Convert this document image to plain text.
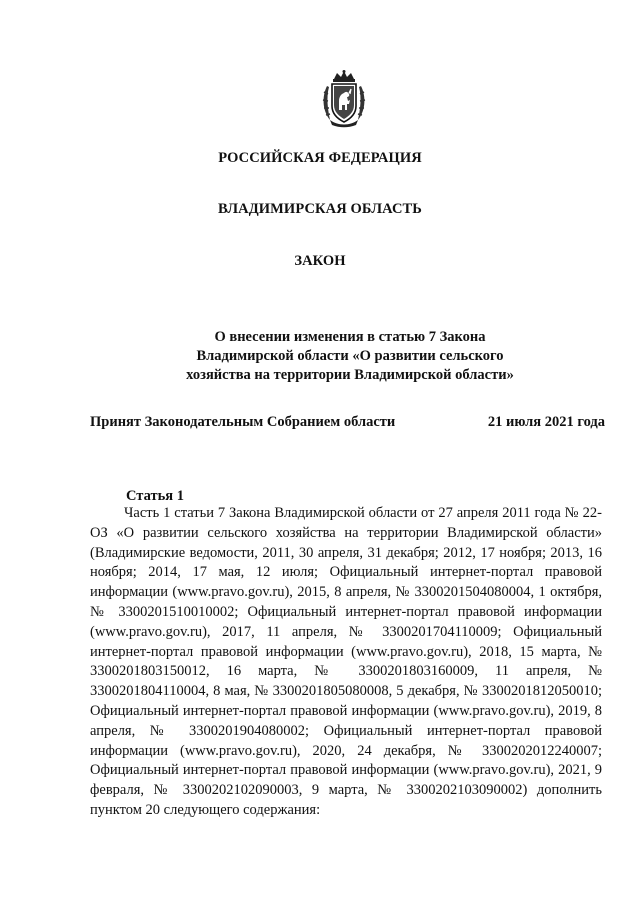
РОССИЙСКАЯ ФЕДЕРАЦИЯ
ВЛАДИМИРСКАЯ ОБЛАСТЬ
ЗАКОН
О внесении изменения в статью 7 Закона
Владимирской области «О развитии сельского
хозяйства на территории Владимирской области»
Принят Законодательным Собранием области	21 июля 2021 года
Статья 1

Часть 1 статьи 7 Закона Владимирской области от 27 апреля 2011 года № 22-ОЗ «О развитии сельского хозяйства на территории Владимирской области» (Владимирские ведомости, 2011, 30 апреля, 31 декабря; 2012, 17 ноября; 2013, 16 ноября; 2014, 17 мая, 12 июля; Официальный интернет-портал правовой информации (www.pravo.gov.ru), 2015, 8 апреля, № 3300201504080004, 1 октября, № 3300201510010002; Официальный интернет-портал правовой информации (www.pravo.gov.ru), 2017, 11 апреля, № 3300201704110009; Официальный интернет-портал правовой информации (www.pravo.gov.ru), 2018, 15 марта, № 3300201803150012, 16 марта, № 3300201803160009, 11 апреля, № 3300201804110004, 8 мая, № 3300201805080008, 5 декабря, № 3300201812050010; Официальный интернет-портал правовой информации (www.pravo.gov.ru), 2019, 8 апреля, № 3300201904080002; Официальный интернет-портал правовой информации (www.pravo.gov.ru), 2020, 24 декабря, № 3300202012240007; Официальный интернет-портал правовой информации (www.pravo.gov.ru), 2021, 9 февраля, № 3300202102090003, 9 марта, № 3300202103090002) дополнить пунктом 20 следующего содержания:
